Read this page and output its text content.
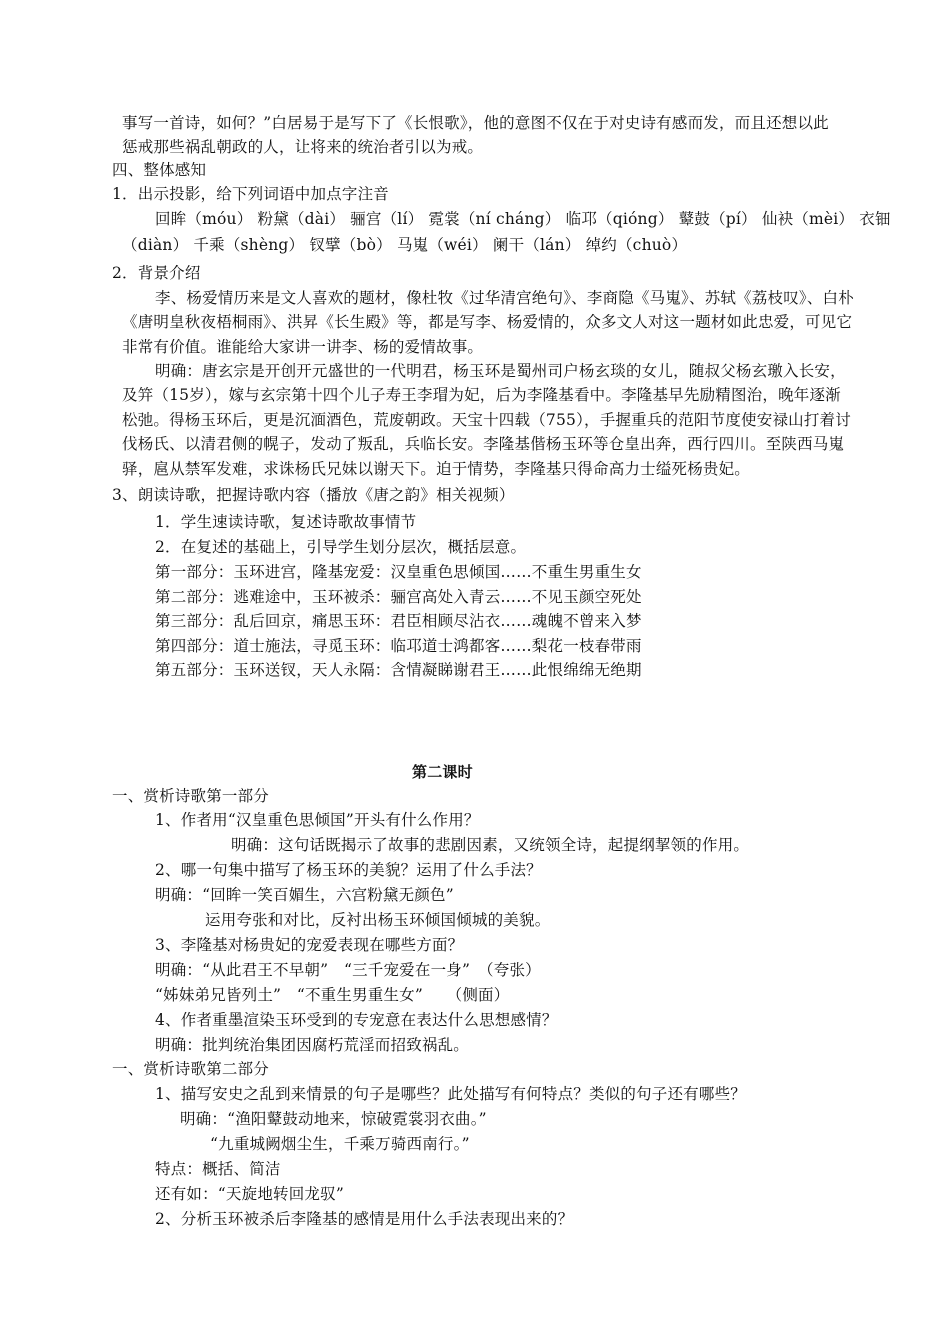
事写一首诗，如何？”白居易于是写下了《长恨歌》，他的意图不仅在于对史诗有感而发，而且还想以此
惩戒那些祸乱朝政的人，让将来的统治者引以为戒。
四、整体感知
1．出示投影，给下列词语中加点字注音
回眸（móu） 粉黛（dài） 骊宫（lí） 霓裳（ní cháng） 临邛（qióng） 鼙鼓（pí） 仙袂（mèi） 衣钿
（diàn） 千乘（shèng） 钗擘（bò） 马嵬（wéi） 阑干（lán） 绰约（chuò）
2．背景介绍
李、杨爱情历来是文人喜欢的题材，像杜牧《过华清宫绝句》、李商隐《马嵬》、苏轼《荔枝叹》、白朴
《唐明皇秋夜梧桐雨》、洪昇《长生殿》等，都是写李、杨爱情的，众多文人对这一题材如此忠爱，可见它
非常有价值。谁能给大家讲一讲李、杨的爱情故事。
明确：唐玄宗是开创开元盛世的一代明君，杨玉环是蜀州司户杨玄琰的女儿，随叔父杨玄璬入长安，
及笄（15岁），嫁与玄宗第十四个儿子寿王李瑁为妃，后为李隆基看中。李隆基早先励精图治，晚年逐渐
松弛。得杨玉环后，更是沉湎酒色，荒废朝政。天宝十四载（755），手握重兵的范阳节度使安禄山打着讨
伐杨氏、以清君侧的幌子，发动了叛乱，兵临长安。李隆基偕杨玉环等仓皇出奔，西行四川。至陕西马嵬
驿，扈从禁军发难，求诛杨氏兄妹以谢天下。迫于情势，李隆基只得命高力士缢死杨贵妃。
3、朗读诗歌，把握诗歌内容（播放《唐之韵》相关视频）
1．学生速读诗歌，复述诗歌故事情节
2．在复述的基础上，引导学生划分层次，概括层意。
第一部分：玉环进宫，隆基宠爱：汉皇重色思倾国……不重生男重生女
第二部分：逃难途中，玉环被杀：骊宫高处入青云……不见玉颜空死处
第三部分：乱后回京，痛思玉环：君臣相顾尽沾衣……魂魄不曾来入梦
第四部分：道士施法，寻觅玉环：临邛道士鸿都客……梨花一枝春带雨
第五部分：玉环送钗，天人永隔：含情凝睇谢君王……此恨绵绵无绝期
第二课时
一、赏析诗歌第一部分
1、作者用“汉皇重色思倾国”开头有什么作用？
明确：这句话既揭示了故事的悲剧因素，又统领全诗，起提纲挈领的作用。
2、哪一句集中描写了杨玉环的美貌？运用了什么手法？
明确：“回眸一笑百媚生，六宫粉黛无颜色”
运用夸张和对比，反衬出杨玉环倾国倾城的美貌。
3、李隆基对杨贵妃的宠爱表现在哪些方面？
明确：“从此君王不早朝”　“三千宠爱在一身”　（夸张）
“姊妹弟兄皆列土”　“不重生男重生女”　　（侧面）
4、作者重墨渲染玉环受到的专宠意在表达什么思想感情？
明确：批判统治集团因腐朽荒淫而招致祸乱。
一、赏析诗歌第二部分
1、描写安史之乱到来情景的句子是哪些？此处描写有何特点？类似的句子还有哪些？
明确：“渔阳鼙鼓动地来，惊破霓裳羽衣曲。”
“九重城阙烟尘生，千乘万骑西南行。”
特点：概括、简洁
还有如：“天旋地转回龙驭”
2、分析玉环被杀后李隆基的感情是用什么手法表现出来的？
